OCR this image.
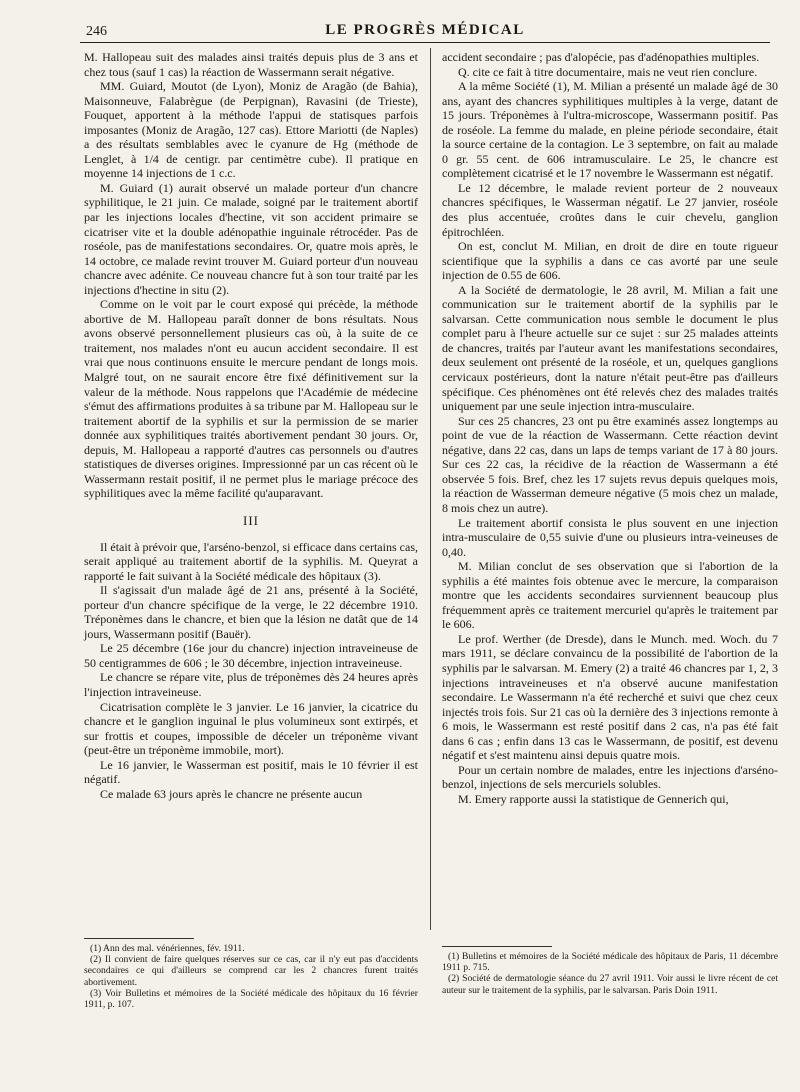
246	LE PROGRÈS MÉDICAL

M. Hallopeau suit des malades ainsi traités depuis plus de 3 ans et chez tous (sauf 1 cas) la réaction de Wassermann serait négative.

MM. Guiard, Moutot (de Lyon), Moniz de Aragão (de Bahia), Maisonneuve, Falabrègue (de Perpignan), Ravasini (de Trieste), Fouquet, apportent à la méthode l'appui de statisques parfois imposantes (Moniz de Aragão, 127 cas). Ettore Mariotti (de Naples) a des résultats semblables avec le cyanure de Hg (méthode de Lenglet, à 1/4 de centigr. par centimètre cube). Il pratique en moyenne 14 injections de 1 c.c.

M. Guiard (1) aurait observé un malade porteur d'un chancre syphilitique, le 21 juin. Ce malade, soigné par le traitement abortif par les injections locales d'hectine, vit son accident primaire se cicatriser vite et la double adénopathie inguinale rétrocéder. Pas de roséole, pas de manifestations secondaires. Or, quatre mois après, le 14 octobre, ce malade revint trouver M. Guiard porteur d'un nouveau chancre avec adénite. Ce nouveau chancre fut à son tour traité par les injections d'hectine in situ (2).

Comme on le voit par le court exposé qui précède, la méthode abortive de M. Hallopeau paraît donner de bons résultats. Nous avons observé personnellement plusieurs cas où, à la suite de ce traitement, nos malades n'ont eu aucun accident secondaire. Il est vrai que nous continuons ensuite le mercure pendant de longs mois. Malgré tout, on ne saurait encore être fixé définitivement sur la valeur de la méthode. Nous rappelons que l'Académie de médecine s'émut des affirmations produites à sa tribune par M. Hallopeau sur le traitement abortif de la syphilis et sur la permission de se marier donnée aux syphilitiques traités abortivement pendant 30 jours. Or, depuis, M. Hallopeau a rapporté d'autres cas personnels ou d'autres statistiques de diverses origines. Impressionné par un cas récent où le Wassermann restait positif, il ne permet plus le mariage précoce des syphilitiques avec la même facilité qu'auparavant.

III

Il était à prévoir que, l'arséno-benzol, si efficace dans certains cas, serait appliqué au traitement abortif de la syphilis. M. Queyrat a rapporté le fait suivant à la Société médicale des hôpitaux (3).

Il s'agissait d'un malade âgé de 21 ans, présenté à la Société, porteur d'un chancre spécifique de la verge, le 22 décembre 1910. Tréponèmes dans le chancre, et bien que la lésion ne datât que de 14 jours, Wassermann positif (Bauër).

Le 25 décembre (16e jour du chancre) injection intraveineuse de 50 centigrammes de 606 ; le 30 décembre, injection intraveineuse.

Le chancre se répare vite, plus de tréponèmes dès 24 heures après l'injection intraveineuse.

Cicatrisation complète le 3 janvier. Le 16 janvier, la cicatrice du chancre et le ganglion inguinal le plus volumineux sont extirpés, et sur frottis et coupes, impossible de déceler un tréponème vivant (peut-être un tréponème immobile, mort).

Le 16 janvier, le Wasserman est positif, mais le 10 février il est négatif.

Ce malade 63 jours après le chancre ne présente aucun

(1) Ann des mal. vénériennes, fév. 1911.

(2) Il convient de faire quelques réserves sur ce cas, car il n'y eut pas d'accidents secondaires ce qui d'ailleurs se comprend car les 2 chancres furent traités abortivement.

(3) Voir Bulletins et mémoires de la Société médicale des hôpitaux du 16 février 1911, p. 107.

accident secondaire ; pas d'alopécie, pas d'adénopathies multiples.

Q. cite ce fait à titre documentaire, mais ne veut rien conclure.

A la même Société (1), M. Milian a présenté un malade âgé de 30 ans, ayant des chancres syphilitiques multiples à la verge, datant de 15 jours. Tréponèmes à l'ultra-microscope, Wassermann positif. Pas de roséole. La femme du malade, en pleine période secondaire, était la source certaine de la contagion. Le 3 septembre, on fait au malade 0 gr. 55 cent. de 606 intramusculaire. Le 25, le chancre est complètement cicatrisé et le 17 novembre le Wassermann est négatif.

Le 12 décembre, le malade revient porteur de 2 nouveaux chancres spécifiques, le Wasserman négatif. Le 27 janvier, roséole des plus accentuée, croûtes dans le cuir chevelu, ganglion épitrochléen.

On est, conclut M. Milian, en droit de dire en toute rigueur scientifique que la syphilis a dans ce cas avorté par une seule injection de 0.55 de 606.

A la Société de dermatologie, le 28 avril, M. Milian a fait une communication sur le traitement abortif de la syphilis par le salvarsan. Cette communication nous semble le document le plus complet paru à l'heure actuelle sur ce sujet : sur 25 malades atteints de chancres, traités par l'auteur avant les manifestations secondaires, deux seulement ont présenté de la roséole, et un, quelques ganglions cervicaux postérieurs, dont la nature n'était peut-être pas d'ailleurs spécifique. Ces phénomènes ont été relevés chez des malades traités uniquement par une seule injection intra-musculaire.

Sur ces 25 chancres, 23 ont pu être examinés assez longtemps au point de vue de la réaction de Wassermann. Cette réaction devint négative, dans 22 cas, dans un laps de temps variant de 17 à 80 jours. Sur ces 22 cas, la récidive de la réaction de Wassermann a été observée 5 fois. Bref, chez les 17 sujets revus depuis quelques mois, la réaction de Wasserman demeure négative (5 mois chez un malade, 8 mois chez un autre).

Le traitement abortif consista le plus souvent en une injection intra-musculaire de 0,55 suivie d'une ou plusieurs intra-veineuses de 0,40.

M. Milian conclut de ses observation que si l'abortion de la syphilis a été maintes fois obtenue avec le mercure, la comparaison montre que les accidents secondaires surviennent beaucoup plus fréquemment après ce traitement mercuriel qu'après le traitement par le 606.

Le prof. Werther (de Dresde), dans le Munch. med. Woch. du 7 mars 1911, se déclare convaincu de la possibilité de l'abortion de la syphilis par le salvarsan. M. Emery (2) a traité 46 chancres par 1, 2, 3 injections intraveineuses et n'a observé aucune manifestation secondaire. Le Wassermann n'a été recherché et suivi que chez ceux injectés trois fois. Sur 21 cas où la dernière des 3 injections remonte à 6 mois, le Wassermann est resté positif dans 2 cas, n'a pas été fait dans 6 cas ; enfin dans 13 cas le Wassermann, de positif, est devenu négatif et s'est maintenu ainsi depuis quatre mois.

Pour un certain nombre de malades, entre les injections d'arséno-benzol, injections de sels mercuriels solubles.

M. Emery rapporte aussi la statistique de Gennerich qui,

(1) Bulletins et mémoires de la Société médicale des hôpitaux de Paris, 11 décembre 1911 p. 715.

(2) Société de dermatologie séance du 27 avril 1911. Voir aussi le livre récent de cet auteur sur le traitement de la syphilis, par le salvarsan. Paris Doin 1911.
